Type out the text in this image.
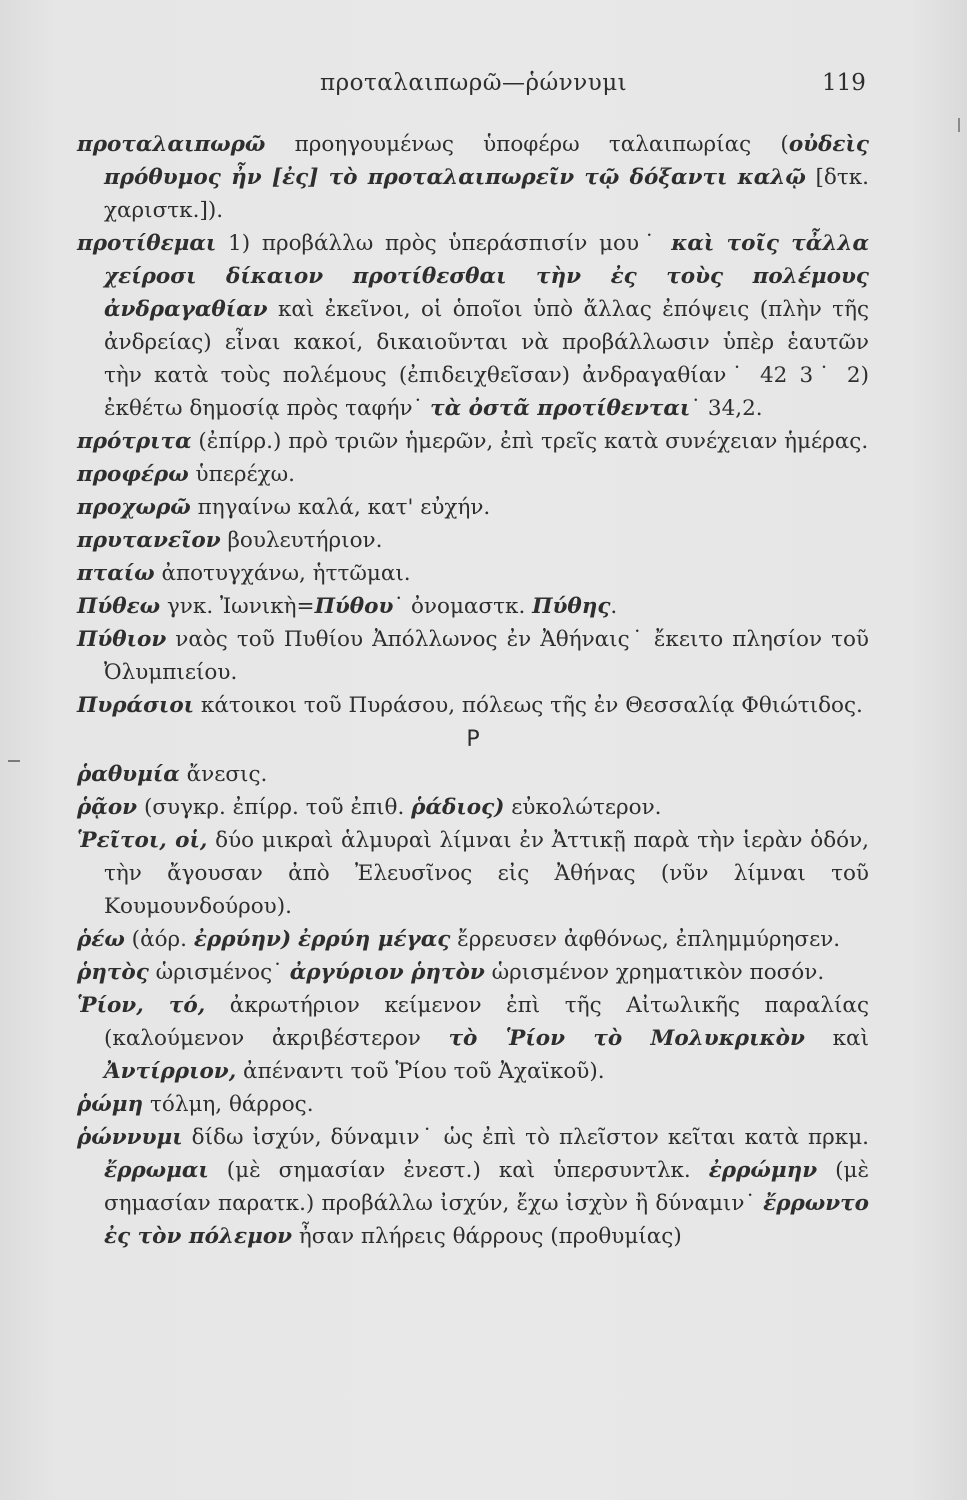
προταλαιπωρῶ—ῥώννυμι	119

προταλαιπωρῶ προηγουμένως ὑποφέρω ταλαιπωρίας (οὐδεὶς πρόθυμος ἦν [ἐς] τὸ προταλαιπωρεῖν τῷ δόξαντι καλῷ [δτκ. χαριστκ.]).

προτίθεμαι 1) προβάλλω πρὸς ὑπεράσπισίν μου˙ καὶ τοῖς τἆλλα χείροσι δίκαιον προτίθεσθαι τὴν ἐς τοὺς πολέμους ἀνδραγαθίαν καὶ ἐκεῖνοι, οἱ ὁποῖοι ὑπὸ ἄλλας ἐπόψεις (πλὴν τῆς ἀνδρείας) εἶναι κακοί, δικαιοῦνται νὰ προβάλλωσιν ὑπὲρ ἑαυτῶν τὴν κατὰ τοὺς πολέμους (ἐπιδειχθεῖσαν) ἀνδραγαθίαν˙ 42 3˙ 2) ἐκθέτω δημοσίᾳ πρὸς ταφήν˙ τὰ ὀστᾶ προτίθενται˙ 34,2.

πρότριτα (ἐπίρρ.) πρὸ τριῶν ἡμερῶν, ἐπὶ τρεῖς κατὰ συνέχειαν ἡμέρας.

προφέρω ὑπερέχω.

προχωρῶ πηγαίνω καλά, κατ' εὐχήν.

πρυτανεῖον βουλευτήριον.

πταίω ἀποτυγχάνω, ἡττῶμαι.

Πύθεω γνκ. Ἰωνικὴ=Πύθου˙ ὀνομαστκ. Πύθης.

Πύθιον ναὸς τοῦ Πυθίου Ἀπόλλωνος ἐν Ἀθήναις˙ ἔκειτο πλησίον τοῦ Ὀλυμπιείου.

Πυράσιοι κάτοικοι τοῦ Πυράσου, πόλεως τῆς ἐν Θεσσαλίᾳ Φθιώτιδος.

Ρ

ῥαθυμία ἄνεσις.

ῥᾷον (συγκρ. ἐπίρρ. τοῦ ἐπιθ. ῥάδιος) εὐκολώτερον.

Ῥεῖτοι, οἱ, δύο μικραὶ ἁλμυραὶ λίμναι ἐν Ἀττικῇ παρὰ τὴν ἱερὰν ὁδόν, τὴν ἄγουσαν ἀπὸ Ἐλευσῖνος εἰς Ἀθήνας (νῦν λίμναι τοῦ Κουμουνδούρου).

ῥέω (ἀόρ. ἐρρύην) ἐρρύη μέγας ἔρρευσεν ἀφθόνως, ἐπλημμύρησεν.

ῥητὸς ὡρισμένος˙ ἀργύριον ῥητὸν ὡρισμένον χρηματικὸν ποσόν.

Ῥίον, τό, ἀκρωτήριον κείμενον ἐπὶ τῆς Αἰτωλικῆς παραλίας (καλούμενον ἀκριβέστερον τὸ Ῥίον τὸ Μολυκρικὸν καὶ Ἀντίρριον, ἀπέναντι τοῦ Ῥίου τοῦ Ἀχαϊκοῦ).

ῥώμη τόλμη, θάρρος.

ῥώννυμι δίδω ἰσχύν, δύναμιν˙ ὡς ἐπὶ τὸ πλεῖστον κεῖται κατὰ πρκμ. ἔρρωμαι (μὲ σημασίαν ἐνεστ.) καὶ ὑπερσυντλκ. ἐρρώμην (μὲ σημασίαν παρατκ.) προβάλλω ἰσχύν, ἔχω ἰσχὺν ἢ δύναμιν˙ ἔρρωντο ἐς τὸν πόλεμον ἦσαν πλήρεις θάρρους (προθυμίας)
